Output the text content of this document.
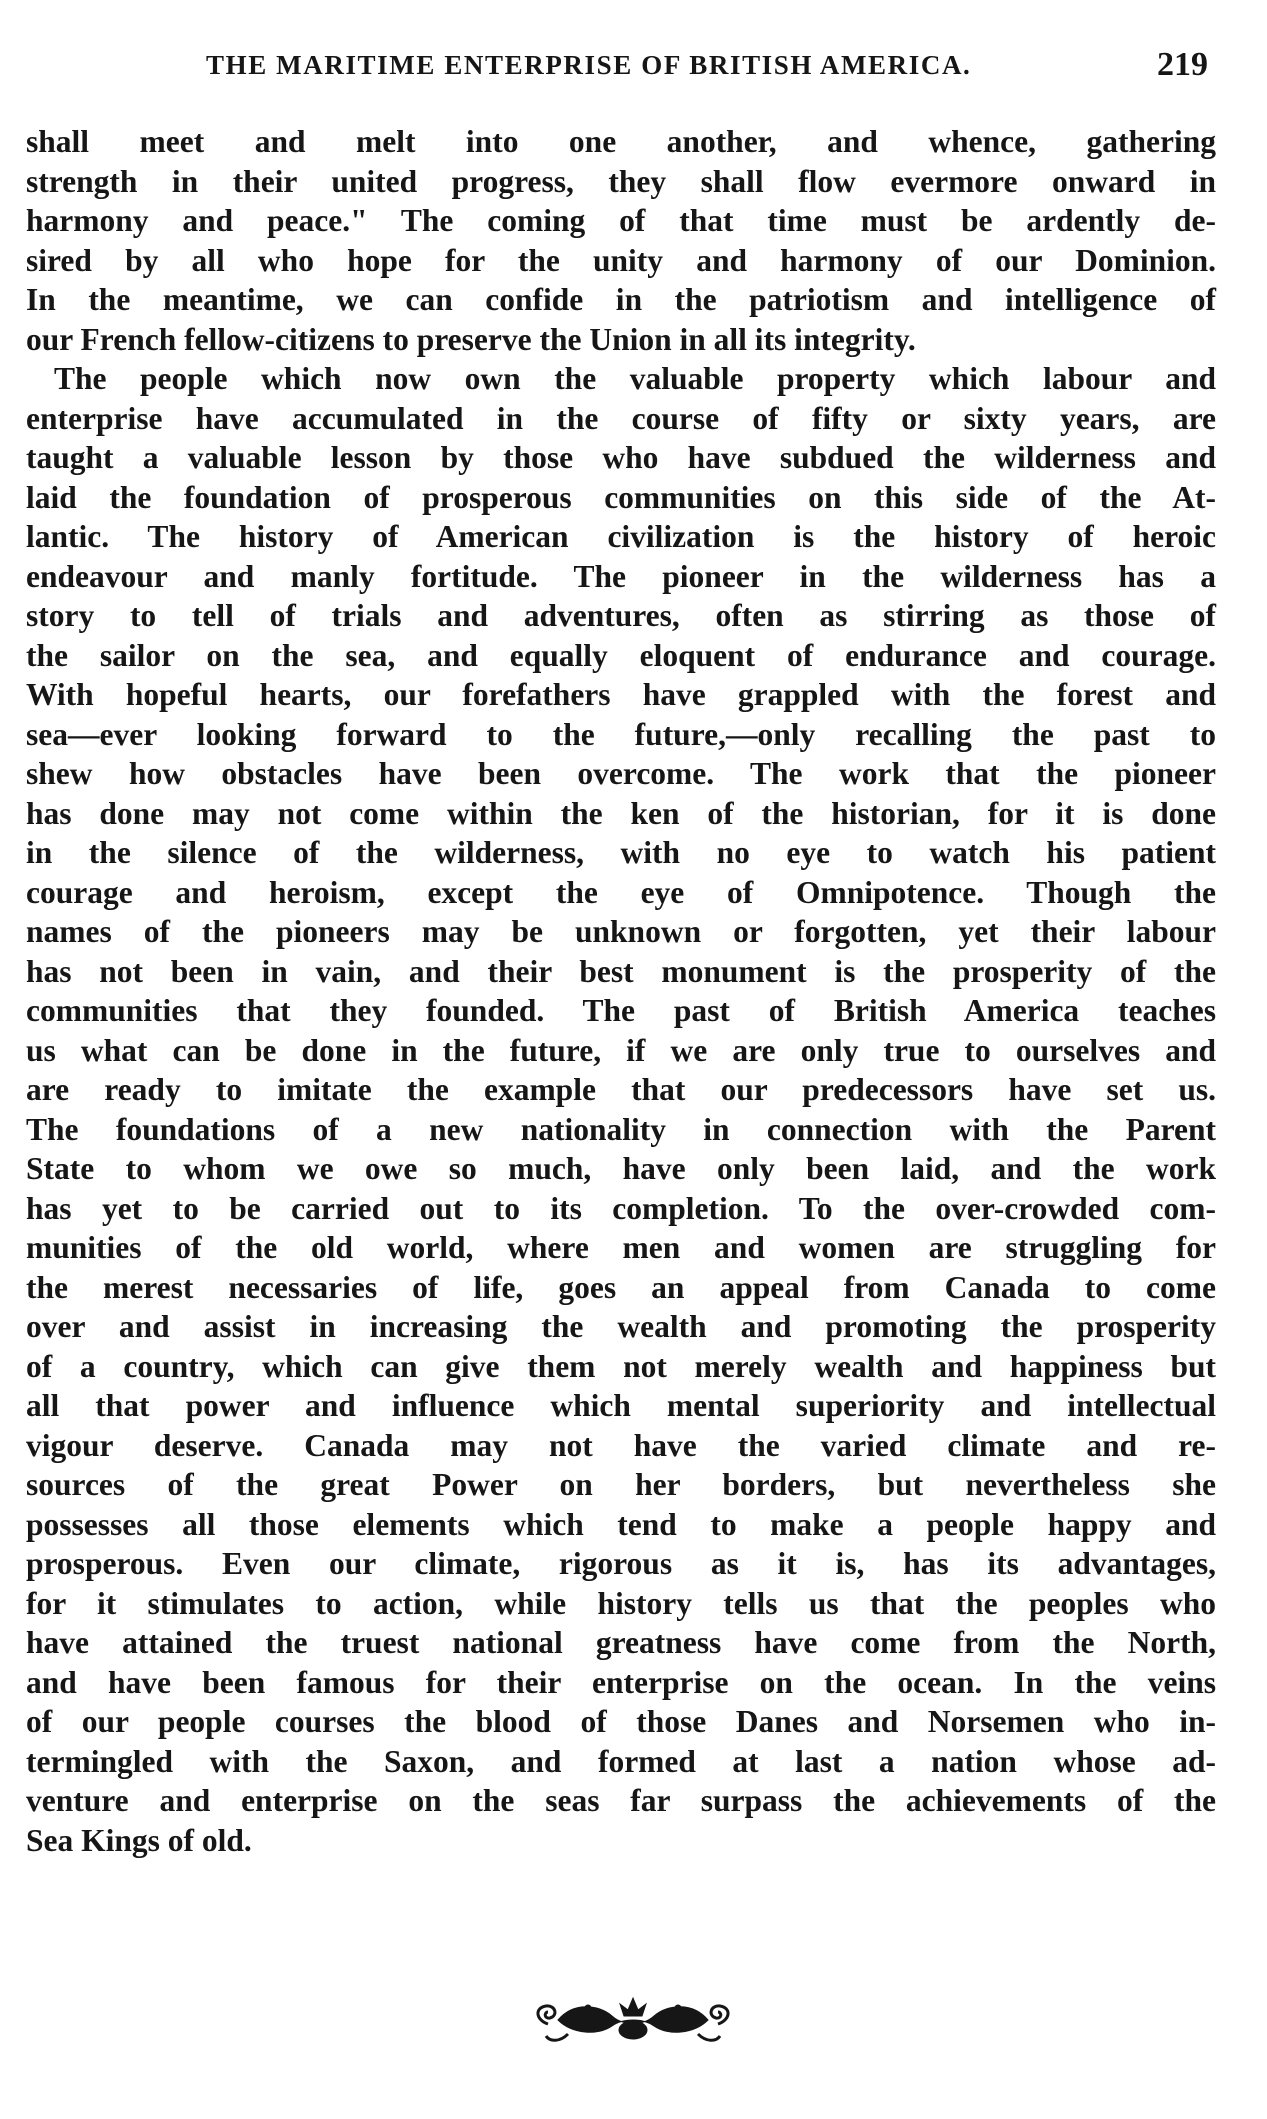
THE MARITIME ENTERPRISE OF BRITISH AMERICA.	219
shall meet and melt into one another, and whence, gathering
strength in their united progress, they shall flow evermore onward in
harmony and peace." The coming of that time must be ardently de-
sired by all who hope for the unity and harmony of our Dominion.
In the meantime, we can confide in the patriotism and intelligence of
our French fellow-citizens to preserve the Union in all its integrity.
The people which now own the valuable property which labour and
enterprise have accumulated in the course of fifty or sixty years, are
taught a valuable lesson by those who have subdued the wilderness and
laid the foundation of prosperous communities on this side of the At-
lantic. The history of American civilization is the history of heroic
endeavour and manly fortitude. The pioneer in the wilderness has a
story to tell of trials and adventures, often as stirring as those of
the sailor on the sea, and equally eloquent of endurance and courage.
With hopeful hearts, our forefathers have grappled with the forest and
sea—ever looking forward to the future,—only recalling the past to
shew how obstacles have been overcome. The work that the pioneer
has done may not come within the ken of the historian, for it is done
in the silence of the wilderness, with no eye to watch his patient
courage and heroism, except the eye of Omnipotence. Though the
names of the pioneers may be unknown or forgotten, yet their labour
has not been in vain, and their best monument is the prosperity of the
communities that they founded. The past of British America teaches
us what can be done in the future, if we are only true to ourselves and
are ready to imitate the example that our predecessors have set us.
The foundations of a new nationality in connection with the Parent
State to whom we owe so much, have only been laid, and the work
has yet to be carried out to its completion. To the over-crowded com-
munities of the old world, where men and women are struggling for
the merest necessaries of life, goes an appeal from Canada to come
over and assist in increasing the wealth and promoting the prosperity
of a country, which can give them not merely wealth and happiness but
all that power and influence which mental superiority and intellectual
vigour deserve. Canada may not have the varied climate and re-
sources of the great Power on her borders, but nevertheless she
possesses all those elements which tend to make a people happy and
prosperous. Even our climate, rigorous as it is, has its advantages,
for it stimulates to action, while history tells us that the peoples who
have attained the truest national greatness have come from the North,
and have been famous for their enterprise on the ocean. In the veins
of our people courses the blood of those Danes and Norsemen who in-
termingled with the Saxon, and formed at last a nation whose ad-
venture and enterprise on the seas far surpass the achievements of the
Sea Kings of old.
